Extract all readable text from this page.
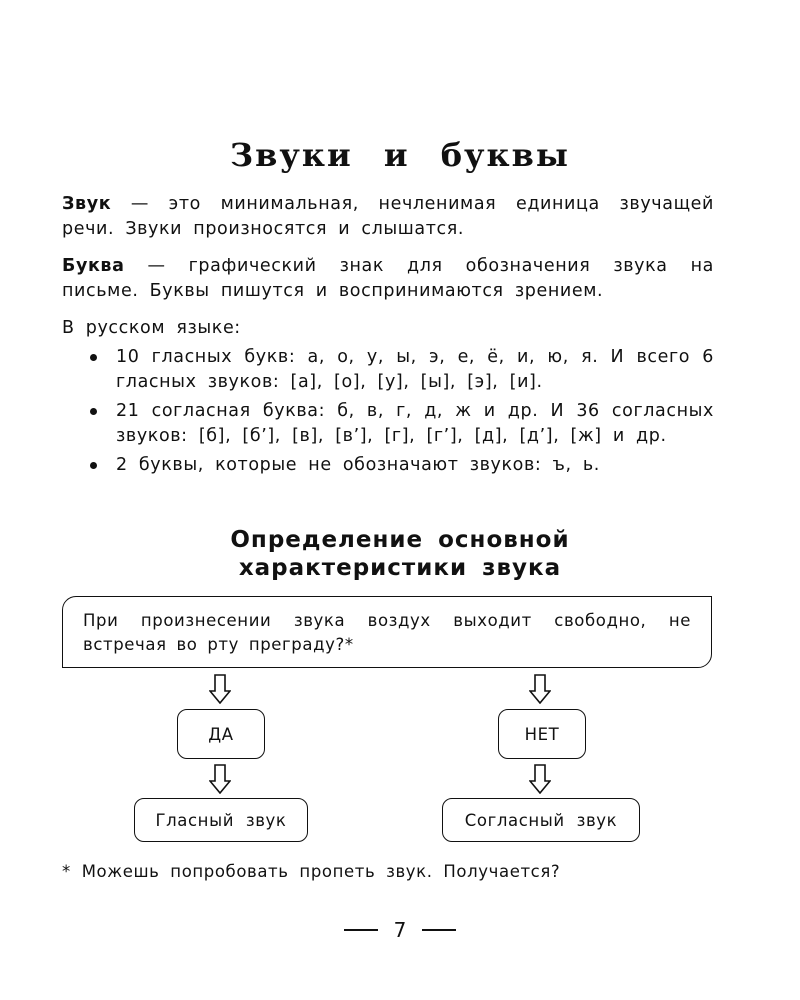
Звуки и буквы
Звук — это минимальная, нечленимая единица звучащей речи. Звуки произносятся и слышатся.
Буква — графический знак для обозначения звука на письме. Буквы пишутся и воспринимаются зрением.
В русском языке:
10 гласных букв: а, о, у, ы, э, е, ё, и, ю, я. И всего 6 гласных звуков: [а], [о], [у], [ы], [э], [и].
21 согласная буква: б, в, г, д, ж и др. И 36 согласных звуков: [б], [б’], [в], [в’], [г], [г’], [д], [д’], [ж] и др.
2 буквы, которые не обозначают звуков: ъ, ь.
Определение основной
характеристики звука
При произнесении звука воздух выходит свободно, не встречая во рту преграду?*
ДА	НЕТ
Гласный звук	Согласный звук
* Можешь попробовать пропеть звук. Получается?
7
